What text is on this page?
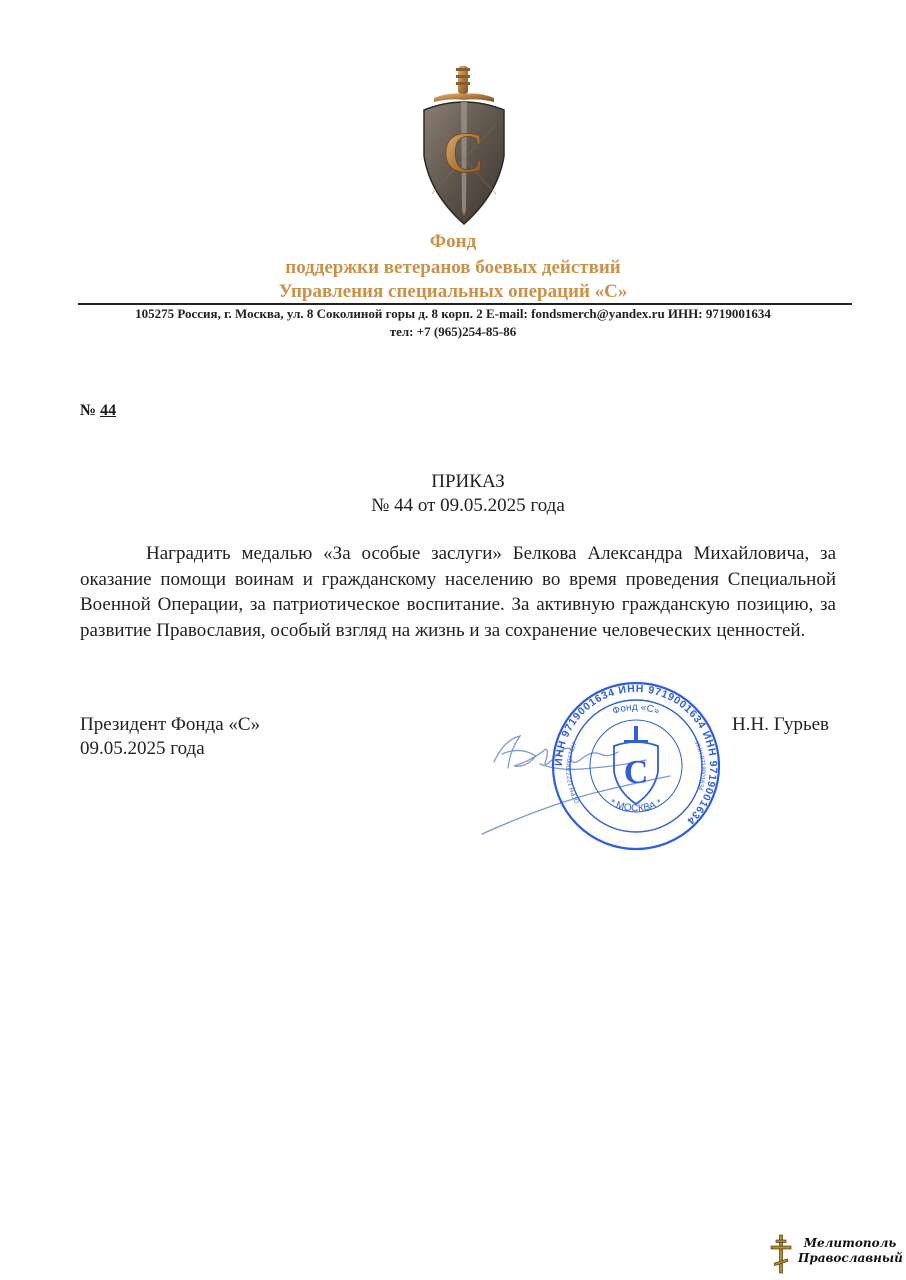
С
Фонд
поддержки ветеранов боевых действий
Управления специальных операций «С»
105275 Россия, г. Москва, ул. 8 Соколиной горы д. 8 корп. 2 E-mail: fondsmerch@yandex.ru ИНН: 9719001634
тел: +7 (965)254-85-86
№ 44
ПРИКАЗ
№ 44 от 09.05.2025 года
Наградить медалью «За особые заслуги» Белкова Александра Михайловича, за оказание помощи воинам и гражданскому населению во время проведения Специальной Военной Операции, за патриотическое воспитание. За активную гражданскую позицию, за развитие Православия, особый взгляд на жизнь и за сохранение человеческих ценностей.
Президент Фонда «С»
09.05.2025 года
ИНН 9719001634 ИНН 9719001634 ИНН 9719001634
Фонд «С»
ОГРН 1227700047697	ИНН 9719001634
* МОСКВА *
С
Н.Н. Гурьев
Мелитополь
Православный
